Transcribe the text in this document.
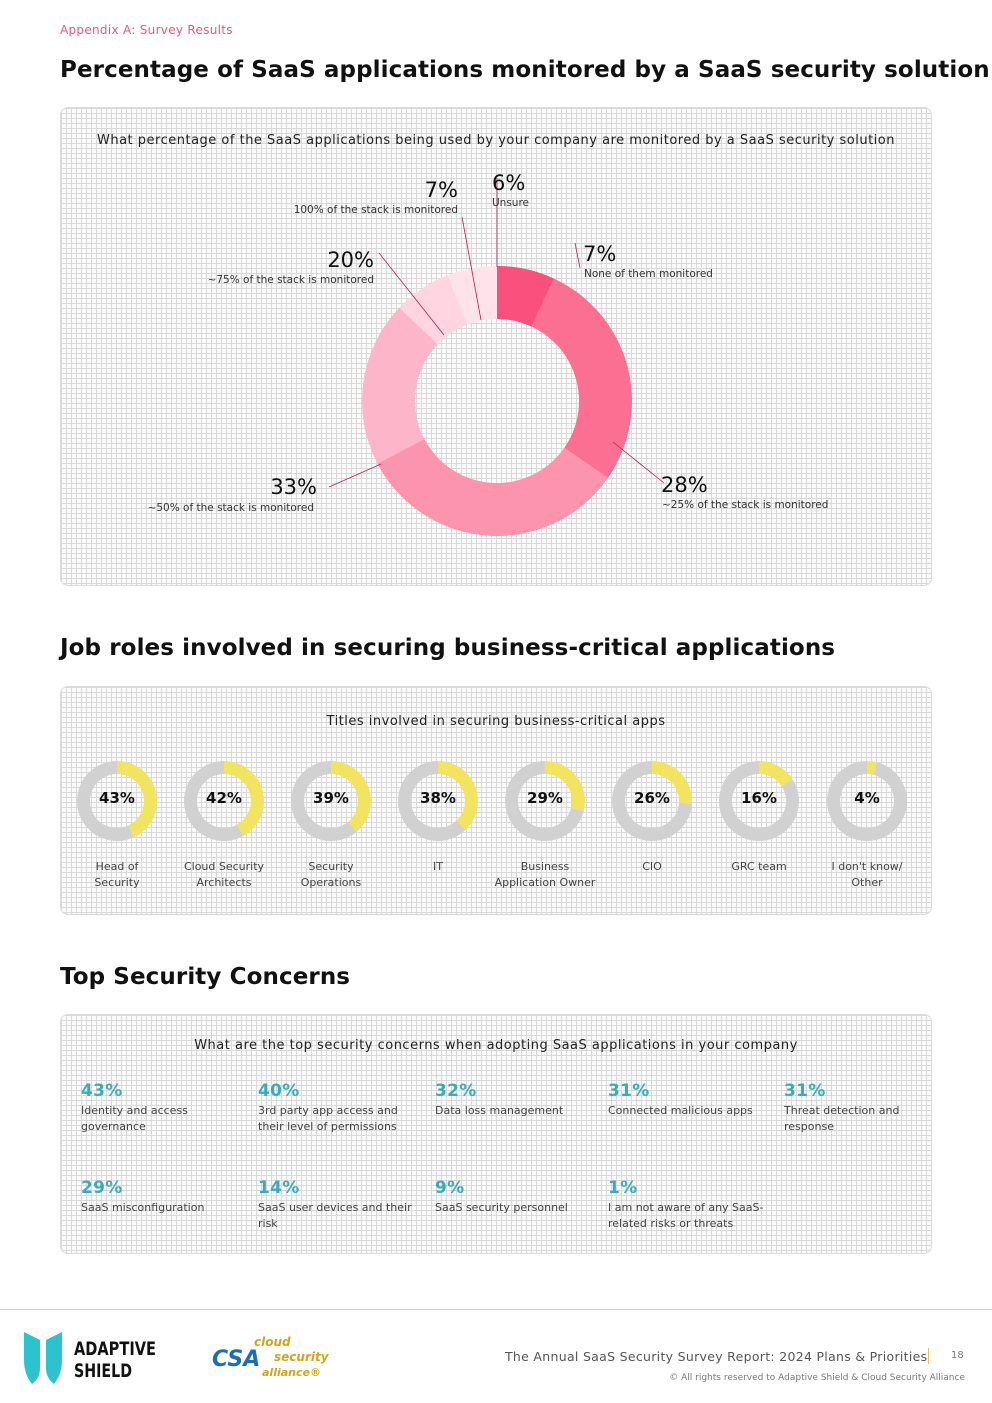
Appendix A: Survey Results
Percentage of SaaS applications monitored by a SaaS security solution
What percentage of the SaaS applications being used by your company are monitored by a SaaS security solution
7%
None of them monitored
28%
~25% of the stack is monitored
33%
~50% of the stack is monitored
20%
~75% of the stack is monitored
7%
100% of the stack is monitored
6%
Unsure
Job roles involved in securing business-critical applications
Titles involved in securing business-critical apps
43%
Head of
Security
42%
Cloud Security
Architects
39%
Security
Operations
38%
IT
29%
Business
Application Owner
26%
CIO
16%
GRC team
4%
I don't know/
Other
Top Security Concerns
What are the top security concerns when adopting SaaS applications in your company
43%
Identity and access governance
40%
3rd party app access and their level of permissions
32%
Data loss management
31%
Connected malicious apps
31%
Threat detection and response
29%
SaaS misconfiguration
14%
SaaS user devices and their risk
9%
SaaS security personnel
1%
I am not aware of any SaaS-related risks or threats
ADAPTIVE
SHIELD	CSA
cloud
security
alliance®
The Annual SaaS Security Survey Report: 2024 Plans & Priorities 18
© All rights reserved to Adaptive Shield & Cloud Security Alliance
